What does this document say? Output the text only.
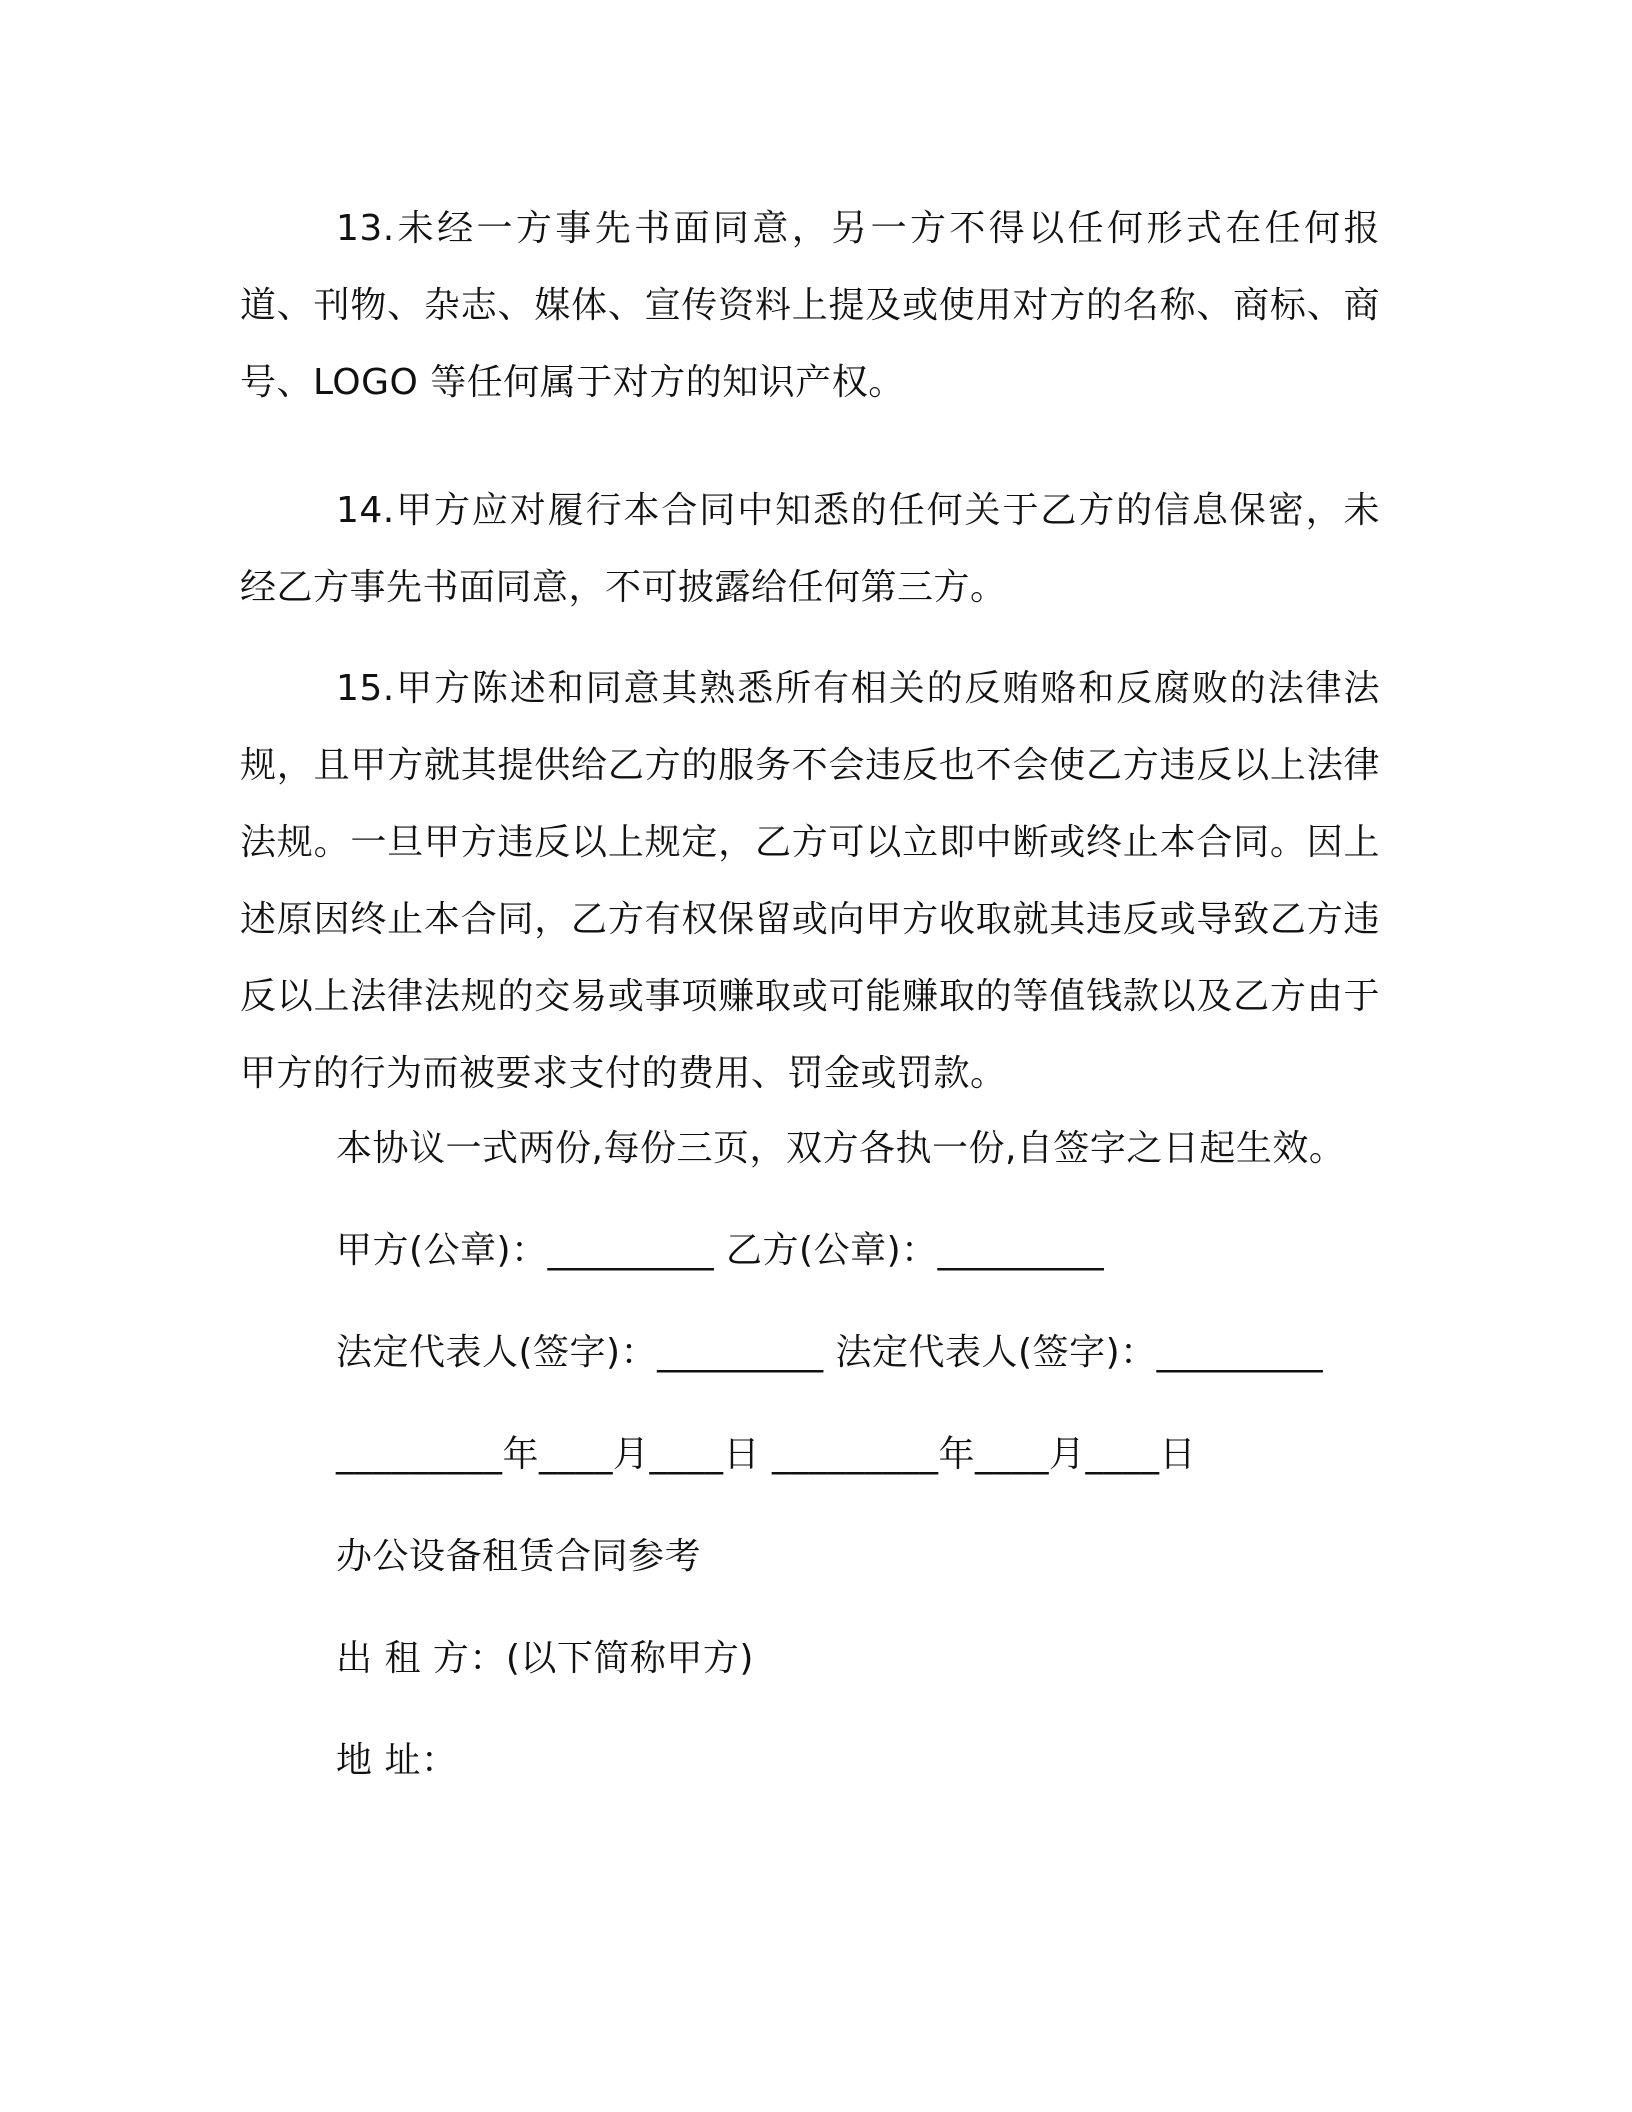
13.未经一方事先书面同意，另一方不得以任何形式在任何报道、刊物、杂志、媒体、宣传资料上提及或使用对方的名称、商标、商号、LOGO 等任何属于对方的知识产权。

14.甲方应对履行本合同中知悉的任何关于乙方的信息保密，未经乙方事先书面同意，不可披露给任何第三方。

15.甲方陈述和同意其熟悉所有相关的反贿赂和反腐败的法律法规，且甲方就其提供给乙方的服务不会违反也不会使乙方违反以上法律法规。一旦甲方违反以上规定，乙方可以立即中断或终止本合同。因上述原因终止本合同，乙方有权保留或向甲方收取就其违反或导致乙方违反以上法律法规的交易或事项赚取或可能赚取的等值钱款以及乙方由于甲方的行为而被要求支付的费用、罚金或罚款。

本协议一式两份,每份三页，双方各执一份,自签字之日起生效。

甲方(公章)：_________ 乙方(公章)：_________

法定代表人(签字)：_________ 法定代表人(签字)：_________

_________年____月____日 _________年____月____日

办公设备租赁合同参考

出 租 方：(以下简称甲方)

地 址：
